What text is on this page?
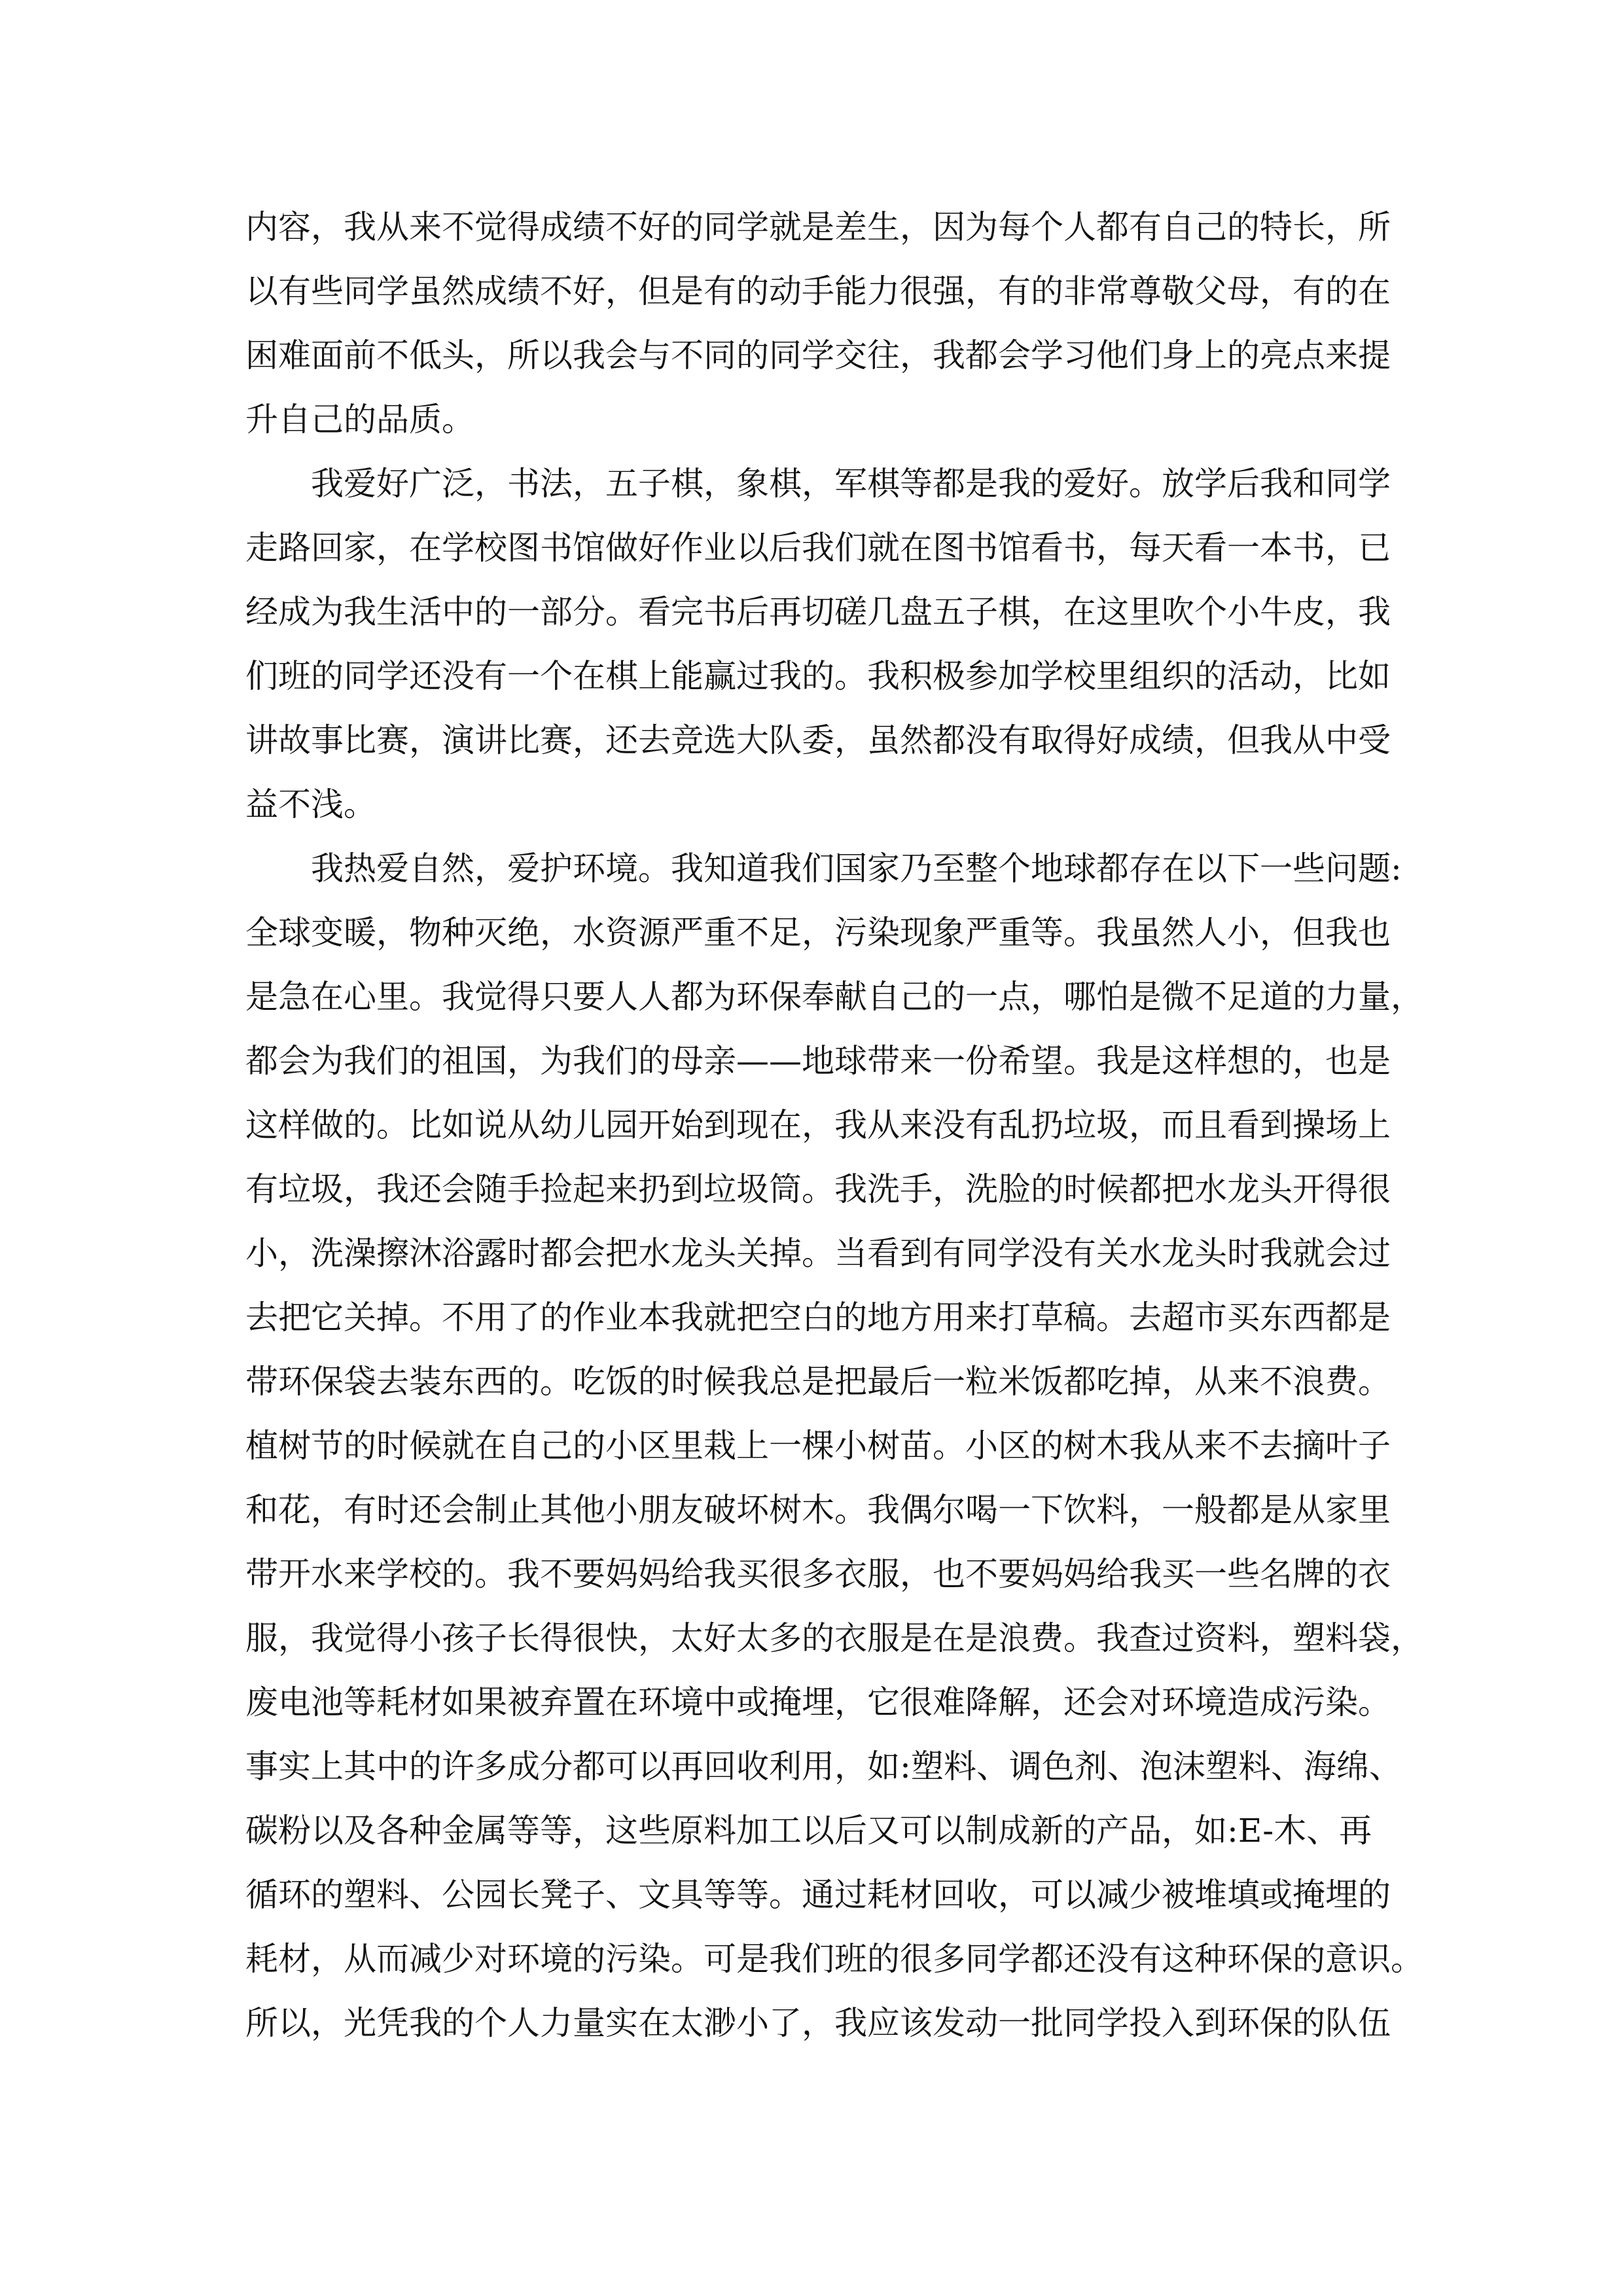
内容，我从来不觉得成绩不好的同学就是差生，因为每个人都有自己的特长，所
以有些同学虽然成绩不好，但是有的动手能力很强，有的非常尊敬父母，有的在
困难面前不低头，所以我会与不同的同学交往，我都会学习他们身上的亮点来提
升自己的品质。
我爱好广泛，书法，五子棋，象棋，军棋等都是我的爱好。放学后我和同学
走路回家，在学校图书馆做好作业以后我们就在图书馆看书，每天看一本书，已
经成为我生活中的一部分。看完书后再切磋几盘五子棋，在这里吹个小牛皮，我
们班的同学还没有一个在棋上能赢过我的。我积极参加学校里组织的活动，比如
讲故事比赛，演讲比赛，还去竞选大队委，虽然都没有取得好成绩，但我从中受
益不浅。
我热爱自然，爱护环境。我知道我们国家乃至整个地球都存在以下一些问题:
全球变暖，物种灭绝，水资源严重不足，污染现象严重等。我虽然人小，但我也
是急在心里。我觉得只要人人都为环保奉献自己的一点，哪怕是微不足道的力量，
都会为我们的祖国，为我们的母亲——地球带来一份希望。我是这样想的，也是
这样做的。比如说从幼儿园开始到现在，我从来没有乱扔垃圾，而且看到操场上
有垃圾，我还会随手捡起来扔到垃圾筒。我洗手，洗脸的时候都把水龙头开得很
小，洗澡擦沐浴露时都会把水龙头关掉。当看到有同学没有关水龙头时我就会过
去把它关掉。不用了的作业本我就把空白的地方用来打草稿。去超市买东西都是
带环保袋去装东西的。吃饭的时候我总是把最后一粒米饭都吃掉，从来不浪费。
植树节的时候就在自己的小区里栽上一棵小树苗。小区的树木我从来不去摘叶子
和花，有时还会制止其他小朋友破坏树木。我偶尔喝一下饮料，一般都是从家里
带开水来学校的。我不要妈妈给我买很多衣服，也不要妈妈给我买一些名牌的衣
服，我觉得小孩子长得很快，太好太多的衣服是在是浪费。我查过资料，塑料袋，
废电池等耗材如果被弃置在环境中或掩埋，它很难降解，还会对环境造成污染。
事实上其中的许多成分都可以再回收利用，如:塑料、调色剂、泡沫塑料、海绵、
碳粉以及各种金属等等，这些原料加工以后又可以制成新的产品，如:E-木、再
循环的塑料、公园长凳子、文具等等。通过耗材回收，可以减少被堆填或掩埋的
耗材，从而减少对环境的污染。可是我们班的很多同学都还没有这种环保的意识。
所以，光凭我的个人力量实在太渺小了，我应该发动一批同学投入到环保的队伍
